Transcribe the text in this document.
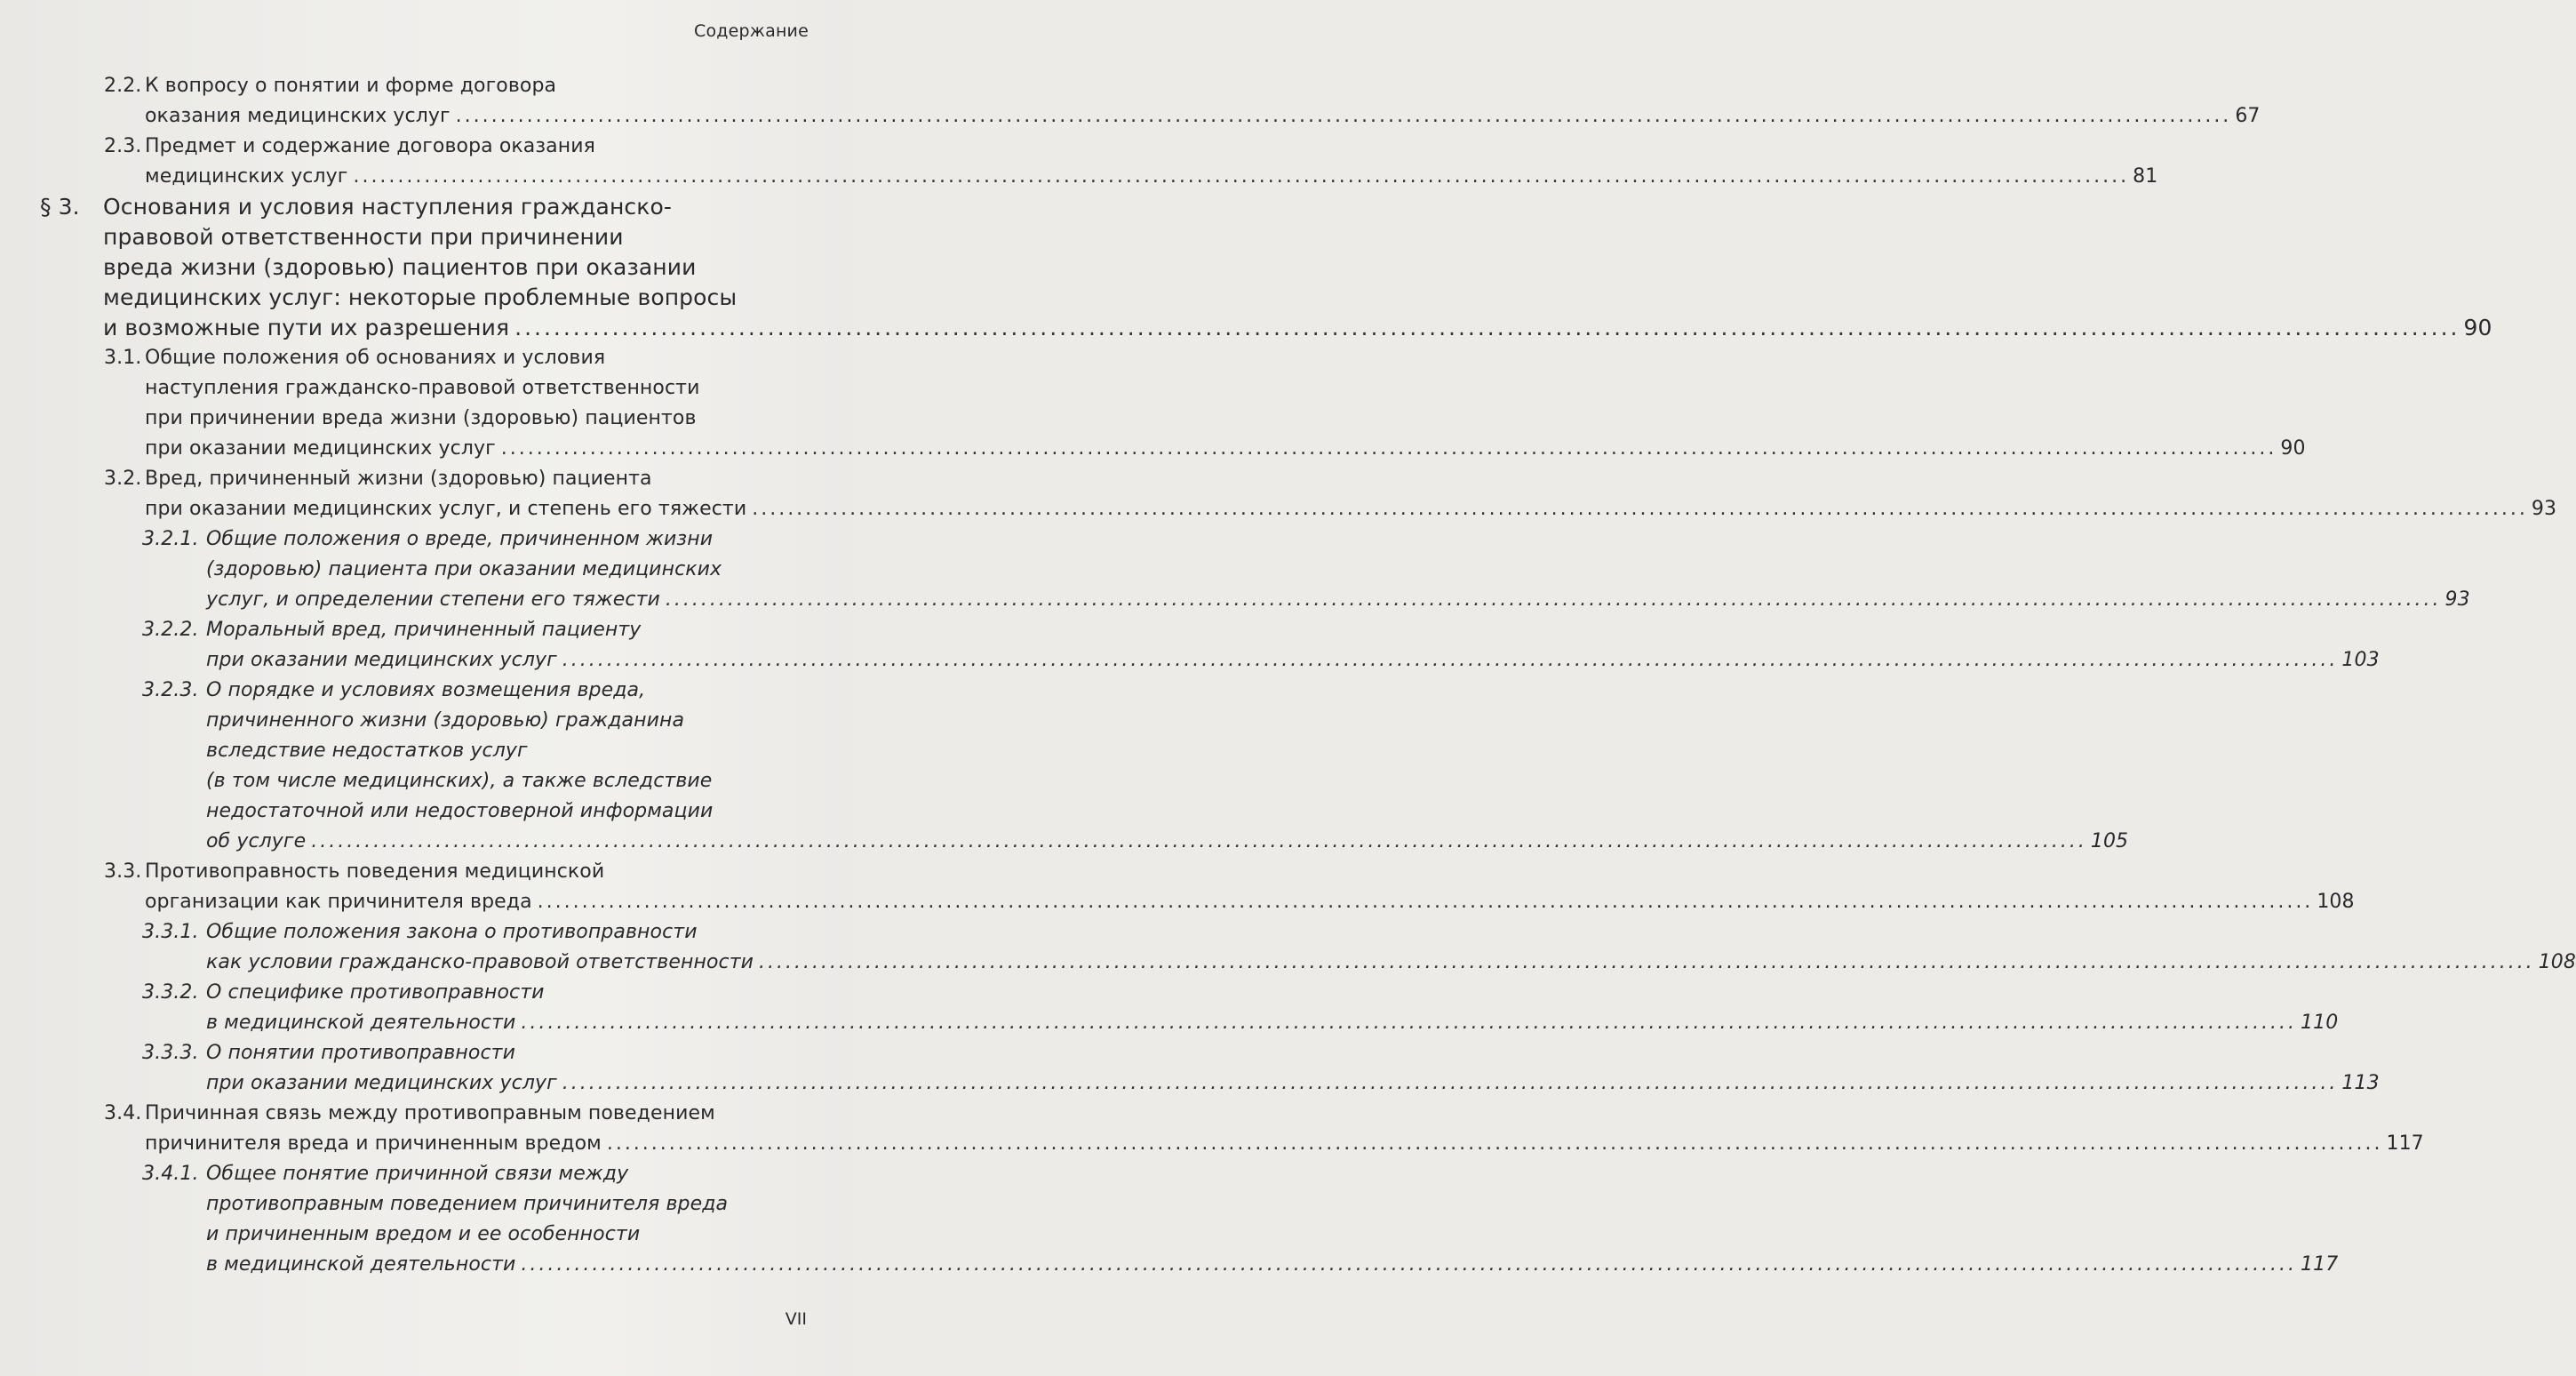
Содержание
2.2. К вопросу о понятии и форме договора
оказания медицинских услуг ........................................................................................................................................................................................................ 67
2.3. Предмет и содержание договора оказания
медицинских услуг ........................................................................................................................................................................................................ 81
§ 3. Основания и условия наступления гражданско-
правовой ответственности при причинении
вреда жизни (здоровью) пациентов при оказании
медицинских услуг: некоторые проблемные вопросы
и возможные пути их разрешения ........................................................................................................................................................................................................ 90
3.1. Общие положения об основаниях и условия
наступления гражданско-правовой ответственности
при причинении вреда жизни (здоровью) пациентов
при оказании медицинских услуг ........................................................................................................................................................................................................ 90
3.2. Вред, причиненный жизни (здоровью) пациента
при оказании медицинских услуг, и степень его тяжести ........................................................................................................................................................................................................ 93
3.2.1. Общие положения о вреде, причиненном жизни
(здоровью) пациента при оказании медицинских
услуг, и определении степени его тяжести ........................................................................................................................................................................................................ 93
3.2.2. Моральный вред, причиненный пациенту
при оказании медицинских услуг ........................................................................................................................................................................................................ 103
3.2.3. О порядке и условиях возмещения вреда,
причиненного жизни (здоровью) гражданина
вследствие недостатков услуг
(в том числе медицинских), а также вследствие
недостаточной или недостоверной информации
об услуге ........................................................................................................................................................................................................ 105
3.3. Противоправность поведения медицинской
организации как причинителя вреда ........................................................................................................................................................................................................ 108
3.3.1. Общие положения закона о противоправности
как условии гражданско-правовой ответственности ........................................................................................................................................................................................................ 108
3.3.2. О специфике противоправности
в медицинской деятельности ........................................................................................................................................................................................................ 110
3.3.3. О понятии противоправности
при оказании медицинских услуг ........................................................................................................................................................................................................ 113
3.4. Причинная связь между противоправным поведением
причинителя вреда и причиненным вредом ........................................................................................................................................................................................................ 117
3.4.1. Общее понятие причинной связи между
противоправным поведением причинителя вреда
и причиненным вредом и ее особенности
в медицинской деятельности ........................................................................................................................................................................................................ 117
VII
